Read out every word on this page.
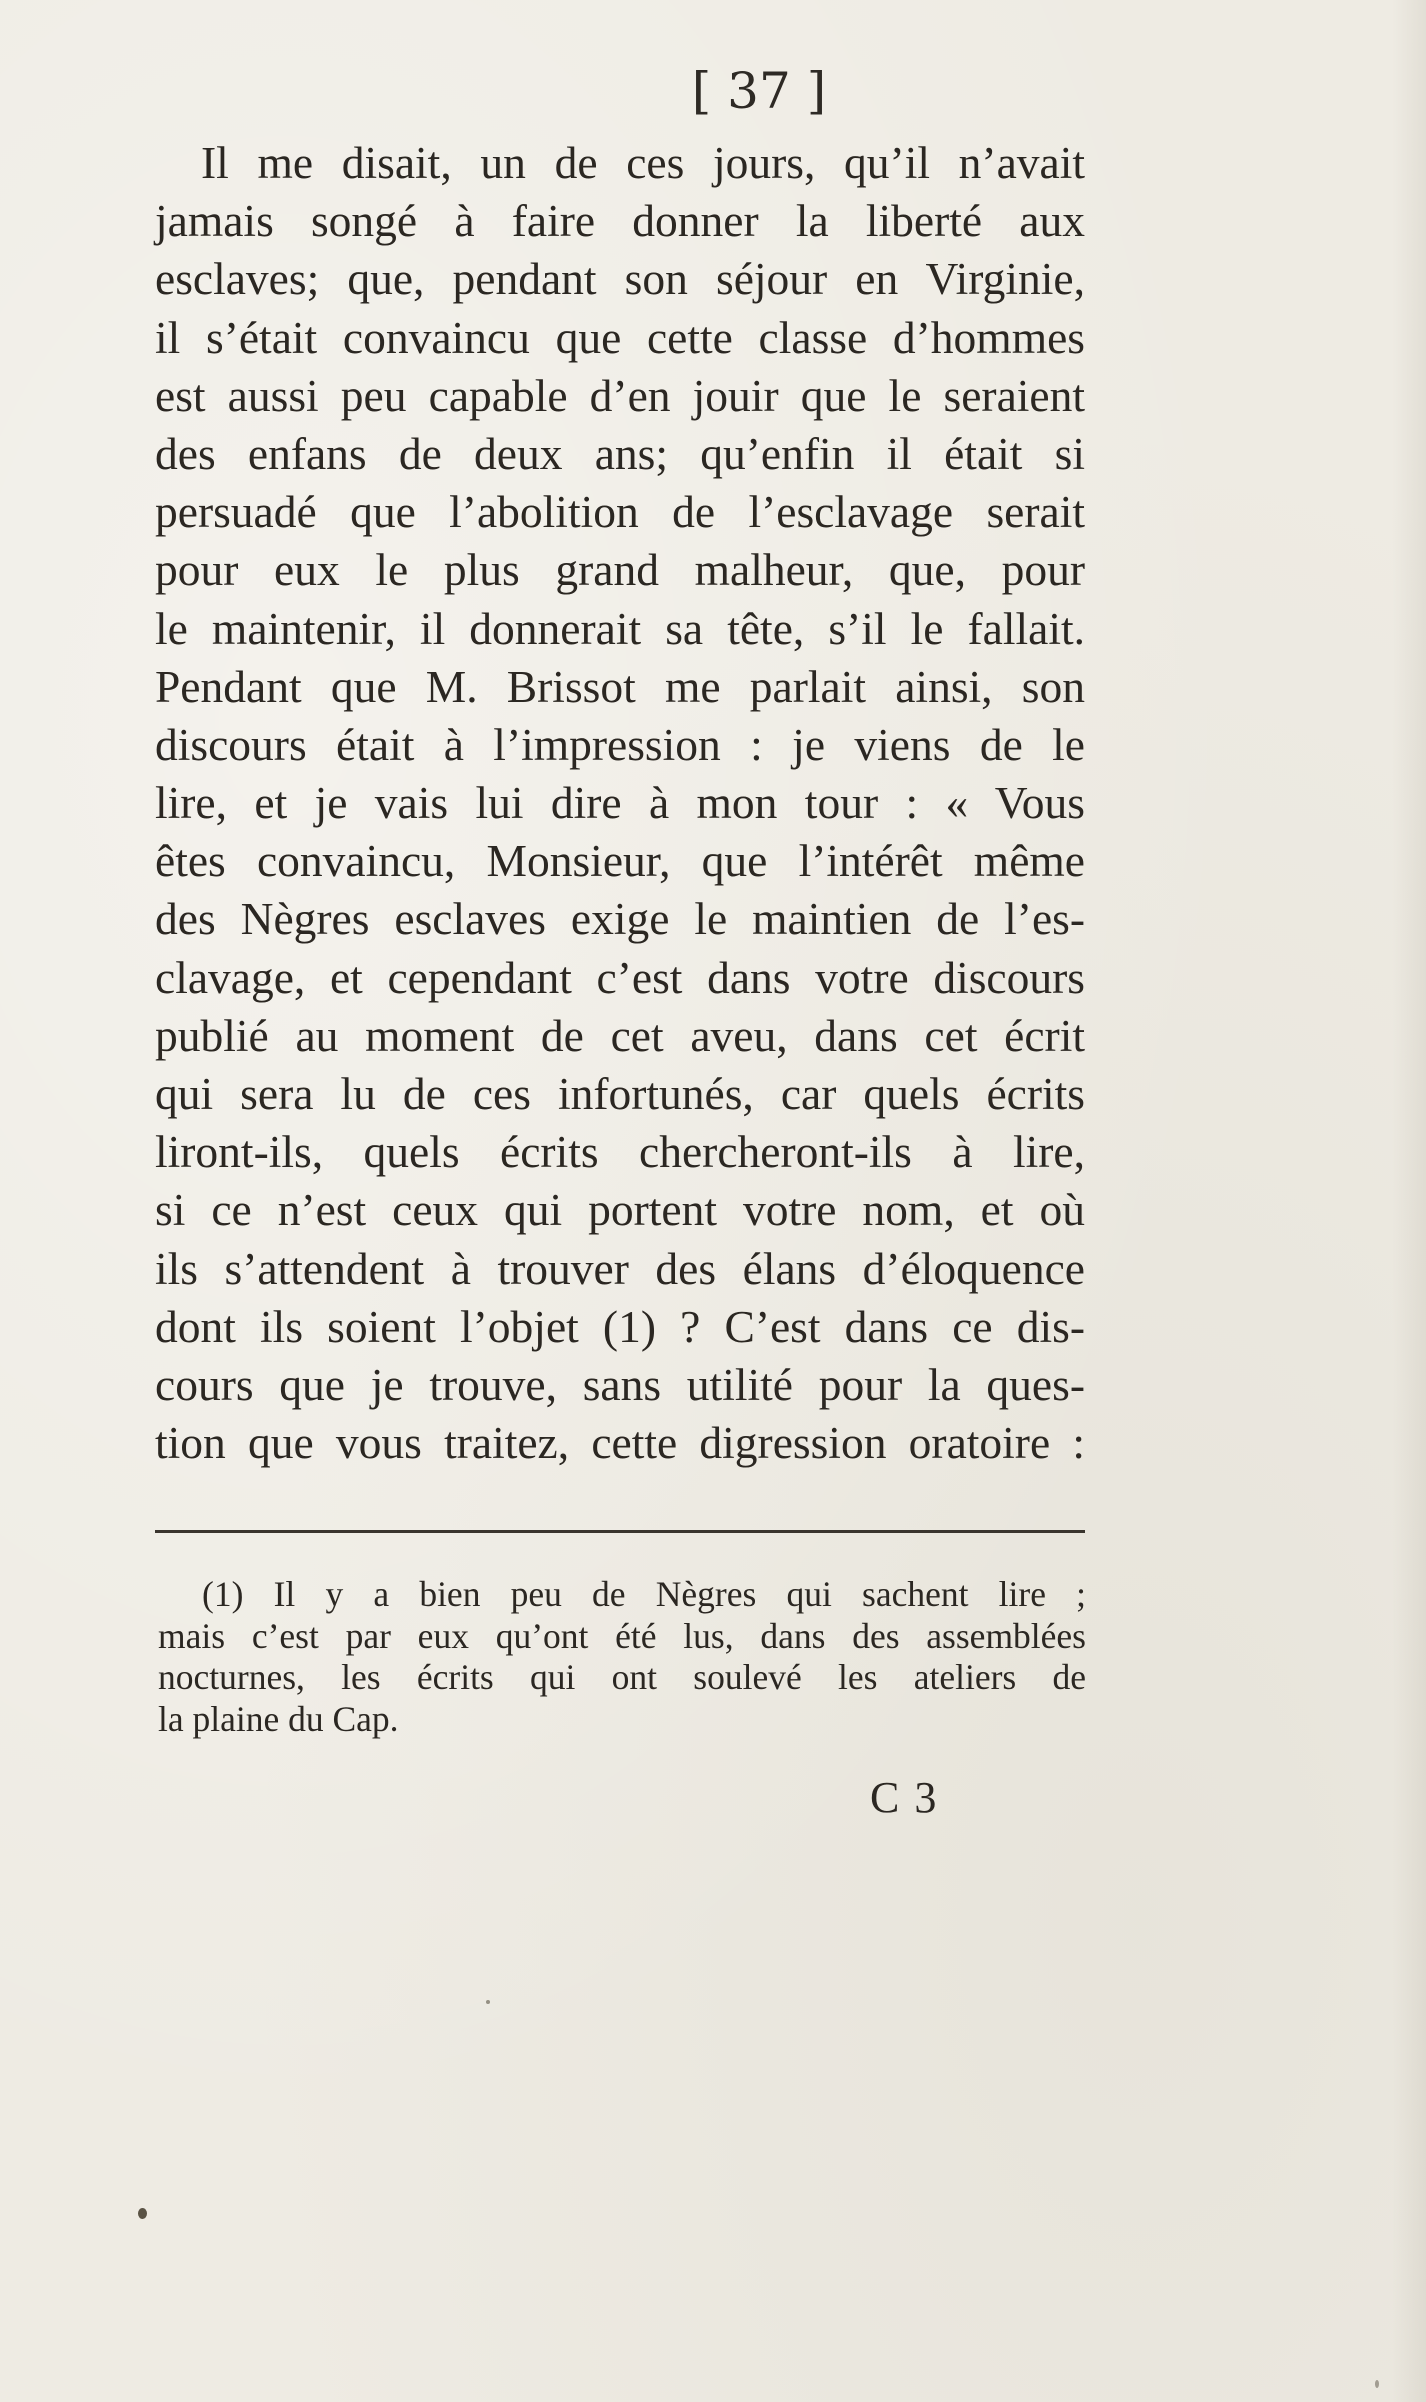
[ 37 ]
Il me disait, un de ces jours, qu’il n’avait
jamais songé à faire donner la liberté aux
esclaves; que, pendant son séjour en Virginie,
il s’était convaincu que cette classe d’hommes
est aussi peu capable d’en jouir que le seraient
des enfans de deux ans; qu’enfin il était si
persuadé que l’abolition de l’esclavage serait
pour eux le plus grand malheur, que, pour
le maintenir, il donnerait sa tête, s’il le fallait.
Pendant que M. Brissot me parlait ainsi, son
discours était à l’impression : je viens de le
lire, et je vais lui dire à mon tour : « Vous
êtes convaincu, Monsieur, que l’intérêt même
des Nègres esclaves exige le maintien de l’es-
clavage, et cependant c’est dans votre discours
publié au moment de cet aveu, dans cet écrit
qui sera lu de ces infortunés, car quels écrits
liront-ils, quels écrits chercheront-ils à lire,
si ce n’est ceux qui portent votre nom, et où
ils s’attendent à trouver des élans d’éloquence
dont ils soient l’objet (1) ? C’est dans ce dis-
cours que je trouve, sans utilité pour la ques-
tion que vous traitez, cette digression oratoire :
(1) Il y a bien peu de Nègres qui sachent lire ;
mais c’est par eux qu’ont été lus, dans des assemblées
nocturnes, les écrits qui ont soulevé les ateliers de
la plaine du Cap.
C 3
